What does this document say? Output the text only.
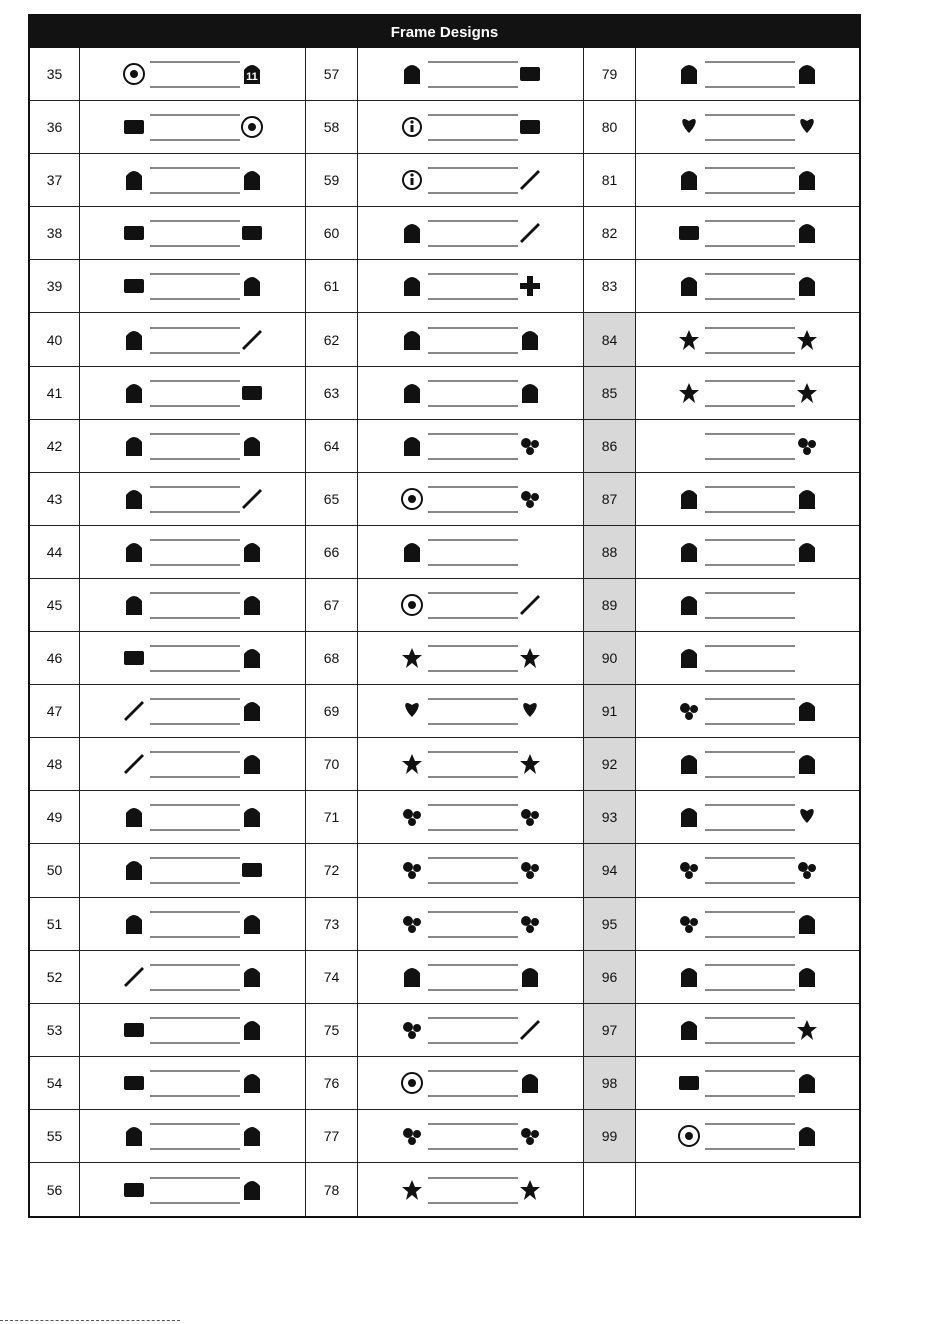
Frame Designs
35	11	57	79
36	58	80
37	59	81
38	60	82
39	61	83
40	62	84
41	63	85
42	64	86
43	65	87
44	66	88
45	67	89
46	68	90
47	69	91
48	70	92
49	71	93
50	72	94
51	73	95
52	74	96
53	75	97
54	76	98
55	77	99
56	78
